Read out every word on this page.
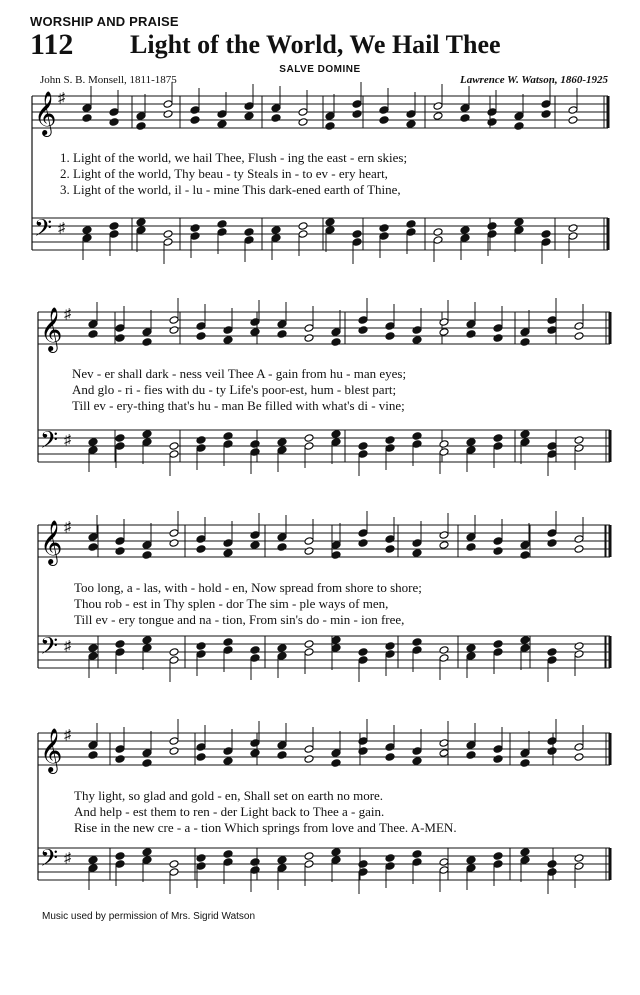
WORSHIP AND PRAISE
112 Light of the World, We Hail Thee
SALVE DOMINE
John S. B. Monsell, 1811-1875	Lawrence W. Watson, 1860-1925
𝄞 ♯
𝄢 ♯
𝄞 ♯
𝄢 ♯
𝄞 ♯
𝄢 ♯
𝄞 ♯
𝄢 ♯
1. Light of the world, we hail Thee, Flush - ing the east - ern skies;
2. Light of the world, Thy beau - ty Steals in - to ev - ery heart,
3. Light of the world, il - lu - mine This dark-ened earth of Thine,
Nev - er shall dark - ness veil Thee A - gain from hu - man eyes;
And glo - ri - fies with du - ty Life's poor-est, hum - blest part;
Till ev - ery-thing that's hu - man Be filled with what's di - vine;
Too long, a - las, with - hold - en, Now spread from shore to shore;
Thou rob - est in Thy splen - dor The sim - ple ways of men,
Till ev - ery tongue and na - tion, From sin's do - min - ion free,
Thy light, so glad and gold - en, Shall set on earth no more.
And help - est them to ren - der Light back to Thee a - gain.
Rise in the new cre - a - tion Which springs from love and Thee. A-MEN.
Music used by permission of Mrs. Sigrid Watson
